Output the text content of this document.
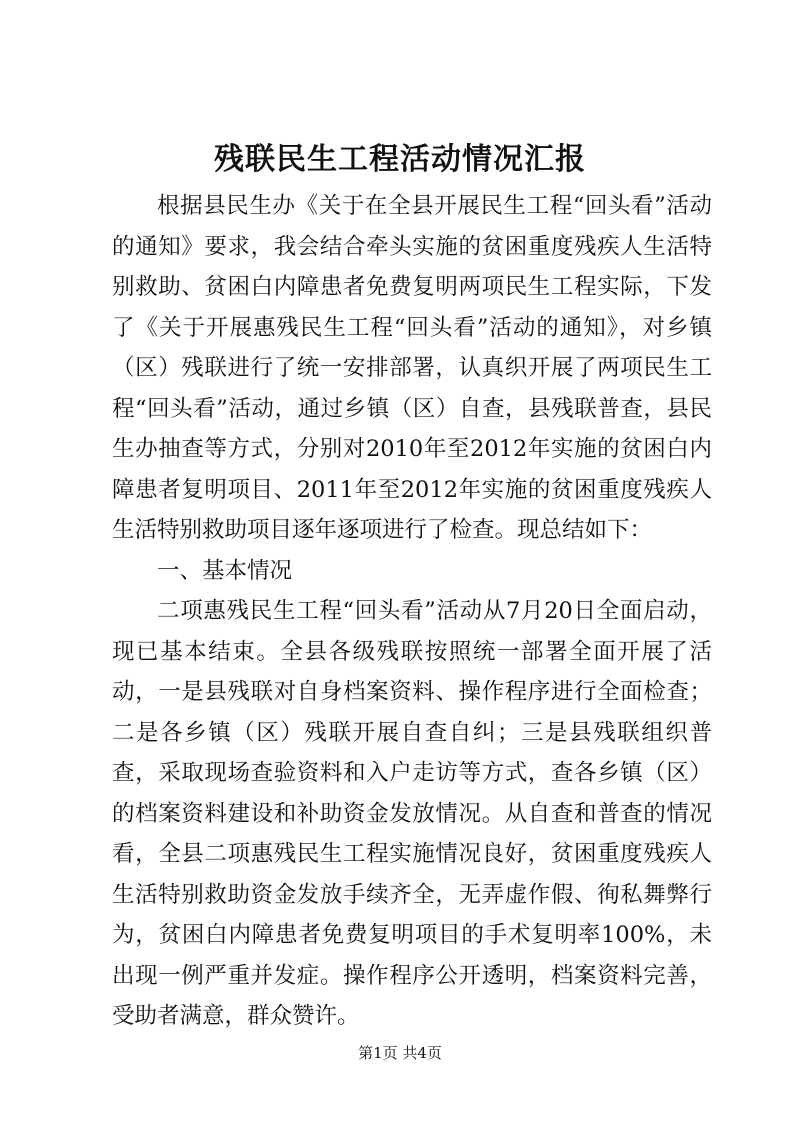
残联民生工程活动情况汇报

根据县民生办《关于在全县开展民生工程“回头看”活动的通知》要求，我会结合牵头实施的贫困重度残疾人生活特别救助、贫困白内障患者免费复明两项民生工程实际，下发了《关于开展惠残民生工程“回头看”活动的通知》，对乡镇（区）残联进行了统一安排部署，认真织开展了两项民生工程“回头看”活动，通过乡镇（区）自查，县残联普查，县民生办抽查等方式，分别对2010年至2012年实施的贫困白内障患者复明项目、2011年至2012年实施的贫困重度残疾人生活特别救助项目逐年逐项进行了检查。现总结如下：

一、基本情况

二项惠残民生工程“回头看”活动从7月20日全面启动，现已基本结束。全县各级残联按照统一部署全面开展了活动，一是县残联对自身档案资料、操作程序进行全面检查；二是各乡镇（区）残联开展自查自纠；三是县残联组织普查，采取现场查验资料和入户走访等方式，查各乡镇（区）的档案资料建设和补助资金发放情况。从自查和普查的情况看，全县二项惠残民生工程实施情况良好，贫困重度残疾人生活特别救助资金发放手续齐全，无弄虚作假、徇私舞弊行为，贫困白内障患者免费复明项目的手术复明率100%，未出现一例严重并发症。操作程序公开透明，档案资料完善，受助者满意，群众赞许。

第1页 共4页
